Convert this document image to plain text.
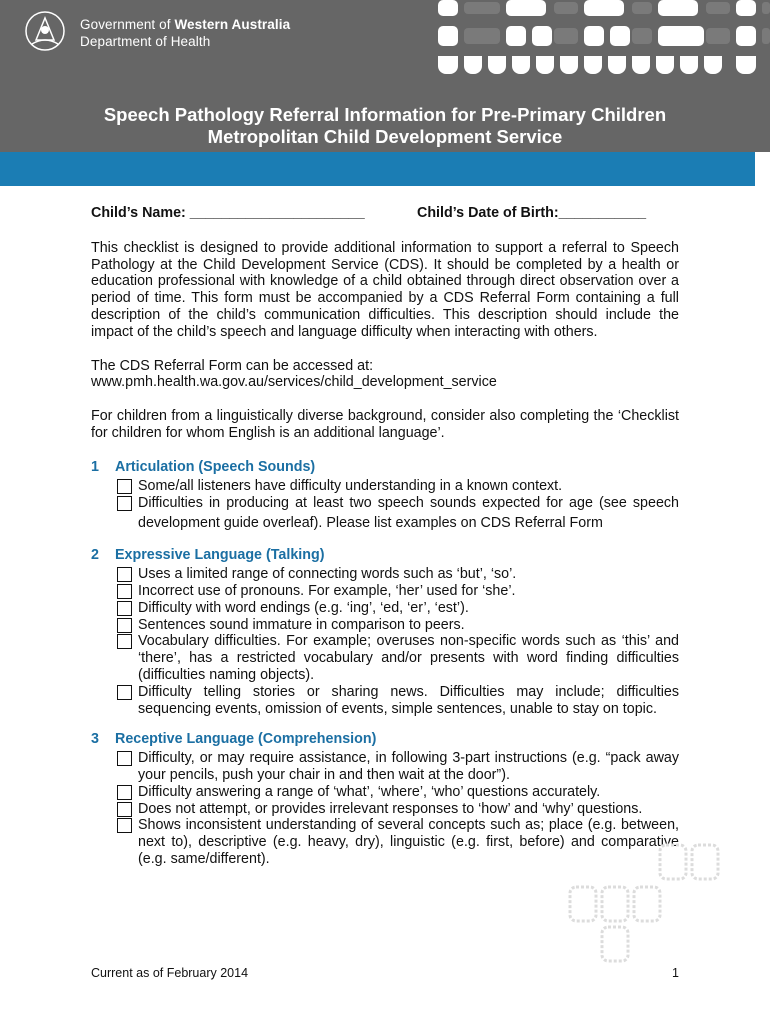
Government of Western Australia
Department of Health
Speech Pathology Referral Information for Pre-Primary Children
Metropolitan Child Development Service
Child’s Name: ______________________	Child’s Date of Birth:___________

This checklist is designed to provide additional information to support a referral to Speech Pathology at the Child Development Service (CDS). It should be completed by a health or education professional with knowledge of a child obtained through direct observation over a period of time. This form must be accompanied by a CDS Referral Form containing a full description of the child’s communication difficulties. This description should include the impact of the child’s speech and language difficulty when interacting with others.

The CDS Referral Form can be accessed at:
www.pmh.health.wa.gov.au/services/child_development_service

For children from a linguistically diverse background, consider also completing the ‘Checklist for children for whom English is an additional language’.

1 Articulation (Speech Sounds)
Some/all listeners have difficulty understanding in a known context.
Difficulties in producing at least two speech sounds expected for age (see speech development guide overleaf). Please list examples on CDS Referral Form
2 Expressive Language (Talking)
Uses a limited range of connecting words such as ‘but’, ‘so’.
Incorrect use of pronouns. For example, ‘her’ used for ‘she’.
Difficulty with word endings (e.g. ‘ing’, ‘ed, ‘er’, ‘est’).
Sentences sound immature in comparison to peers.
Vocabulary difficulties. For example; overuses non-specific words such as ‘this’ and ‘there’, has a restricted vocabulary and/or presents with word finding difficulties (difficulties naming objects).
Difficulty telling stories or sharing news. Difficulties may include; difficulties sequencing events, omission of events, simple sentences, unable to stay on topic.
3 Receptive Language (Comprehension)
Difficulty, or may require assistance, in following 3-part instructions (e.g. “pack away your pencils, push your chair in and then wait at the door”).
Difficulty answering a range of ‘what’, ‘where’, ‘who’ questions accurately.
Does not attempt, or provides irrelevant responses to ‘how’ and ‘why’ questions.
Shows inconsistent understanding of several concepts such as; place (e.g. between, next to), descriptive (e.g. heavy, dry), linguistic (e.g. first, before) and comparative (e.g. same/different).
Current as of February 2014	1
